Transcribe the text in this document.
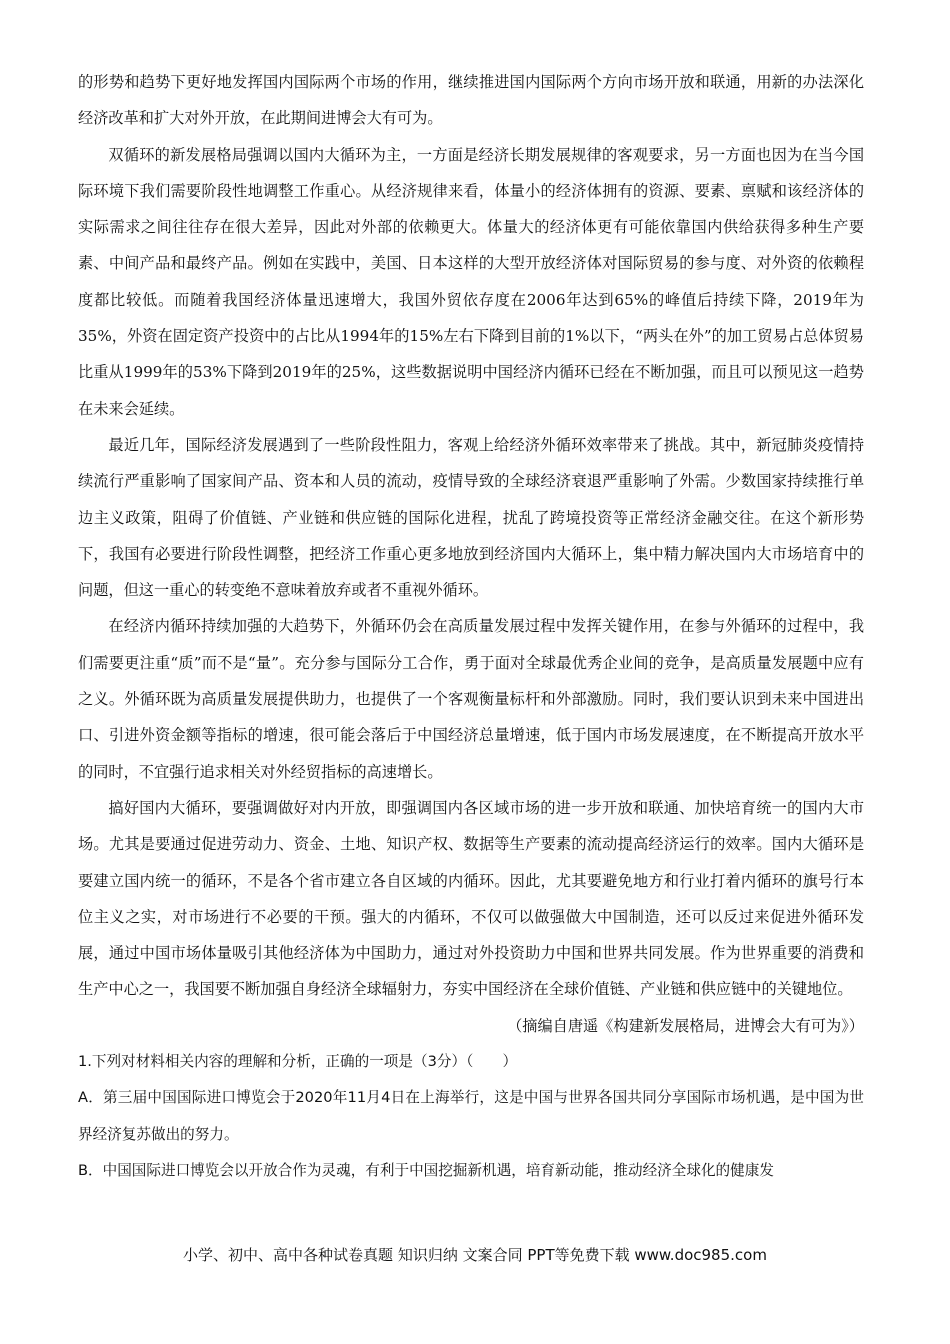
的形势和趋势下更好地发挥国内国际两个市场的作用，继续推进国内国际两个方向市场开放和联通，用新的办法深化经济改革和扩大对外开放，在此期间进博会大有可为。

双循环的新发展格局强调以国内大循环为主，一方面是经济长期发展规律的客观要求，另一方面也因为在当今国际环境下我们需要阶段性地调整工作重心。从经济规律来看，体量小的经济体拥有的资源、要素、禀赋和该经济体的实际需求之间往往存在很大差异，因此对外部的依赖更大。体量大的经济体更有可能依靠国内供给获得多种生产要素、中间产品和最终产品。例如在实践中，美国、日本这样的大型开放经济体对国际贸易的参与度、对外资的依赖程度都比较低。而随着我国经济体量迅速增大，我国外贸依存度在2006年达到65%的峰值后持续下降，2019年为35%，外资在固定资产投资中的占比从1994年的15%左右下降到目前的1%以下，“两头在外”的加工贸易占总体贸易比重从1999年的53%下降到2019年的25%，这些数据说明中国经济内循环已经在不断加强，而且可以预见这一趋势在未来会延续。

最近几年，国际经济发展遇到了一些阶段性阻力，客观上给经济外循环效率带来了挑战。其中，新冠肺炎疫情持续流行严重影响了国家间产品、资本和人员的流动，疫情导致的全球经济衰退严重影响了外需。少数国家持续推行单边主义政策，阻碍了价值链、产业链和供应链的国际化进程，扰乱了跨境投资等正常经济金融交往。在这个新形势下，我国有必要进行阶段性调整，把经济工作重心更多地放到经济国内大循环上，集中精力解决国内大市场培育中的问题，但这一重心的转变绝不意味着放弃或者不重视外循环。

在经济内循环持续加强的大趋势下，外循环仍会在高质量发展过程中发挥关键作用，在参与外循环的过程中，我们需要更注重“质”而不是“量”。充分参与国际分工合作，勇于面对全球最优秀企业间的竞争，是高质量发展题中应有之义。外循环既为高质量发展提供助力，也提供了一个客观衡量标杆和外部激励。同时，我们要认识到未来中国进出口、引进外资金额等指标的增速，很可能会落后于中国经济总量增速，低于国内市场发展速度，在不断提高开放水平的同时，不宜强行追求相关对外经贸指标的高速增长。

搞好国内大循环，要强调做好对内开放，即强调国内各区域市场的进一步开放和联通、加快培育统一的国内大市场。尤其是要通过促进劳动力、资金、土地、知识产权、数据等生产要素的流动提高经济运行的效率。国内大循环是要建立国内统一的循环，不是各个省市建立各自区域的内循环。因此，尤其要避免地方和行业打着内循环的旗号行本位主义之实，对市场进行不必要的干预。强大的内循环，不仅可以做强做大中国制造，还可以反过来促进外循环发展，通过中国市场体量吸引其他经济体为中国助力，通过对外投资助力中国和世界共同发展。作为世界重要的消费和生产中心之一，我国要不断加强自身经济全球辐射力，夯实中国经济在全球价值链、产业链和供应链中的关键地位。

（摘编自唐遥《构建新发展格局，进博会大有可为》）

1.下列对材料相关内容的理解和分析，正确的一项是（3分）（　　）

A．第三届中国国际进口博览会于2020年11月4日在上海举行，这是中国与世界各国共同分享国际市场机遇，是中国为世界经济复苏做出的努力。

B．中国国际进口博览会以开放合作为灵魂，有利于中国挖掘新机遇，培育新动能，推动经济全球化的健康发

小学、初中、高中各种试卷真题 知识归纳 文案合同 PPT等免费下载 www.doc985.com
